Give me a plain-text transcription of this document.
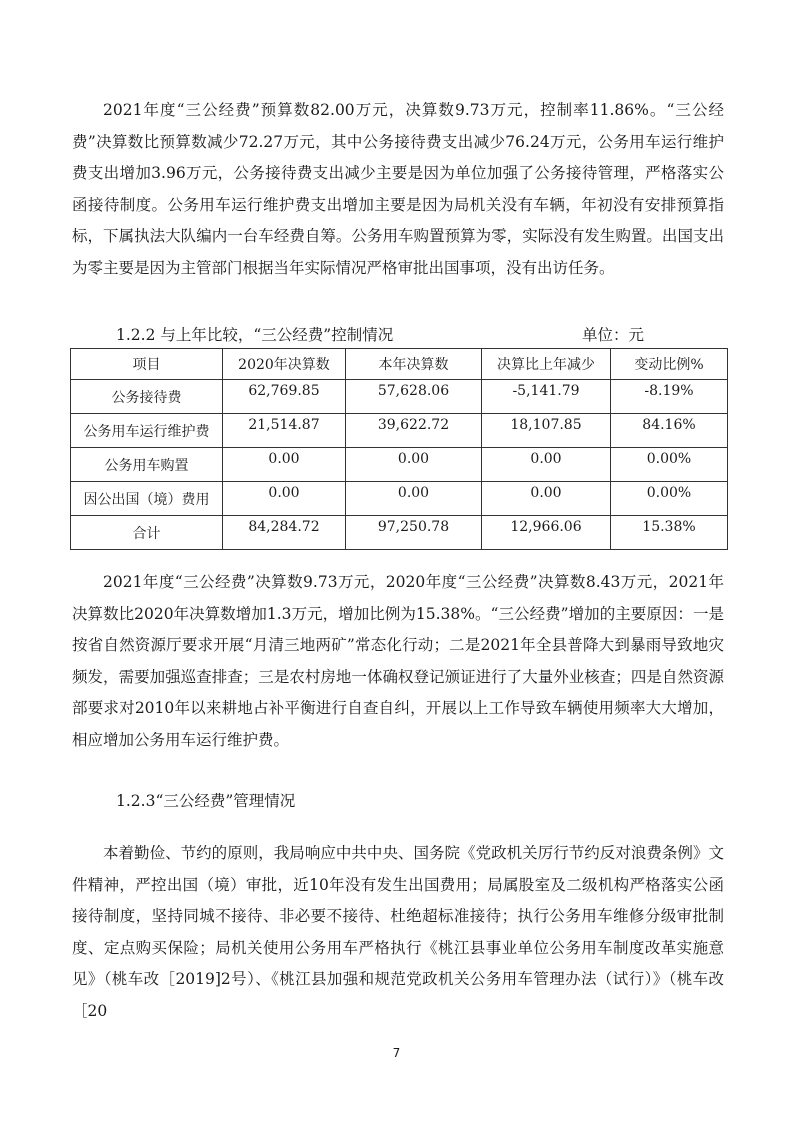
2021年度“三公经费”预算数82.00万元，决算数9.73万元，控制率11.86%。“三公经费”决算数比预算数减少72.27万元，其中公务接待费支出减少76.24万元，公务用车运行维护费支出增加3.96万元，公务接待费支出减少主要是因为单位加强了公务接待管理，严格落实公函接待制度。公务用车运行维护费支出增加主要是因为局机关没有车辆，年初没有安排预算指标，下属执法大队编内一台车经费自筹。公务用车购置预算为零，实际没有发生购置。出国支出为零主要是因为主管部门根据当年实际情况严格审批出国事项，没有出访任务。

1.2.2 与上年比较，“三公经费”控制情况	单位：元
项目	2020年决算数	本年决算数	决算比上年减少	变动比例%
公务接待费	62,769.85	57,628.06	-5,141.79	-8.19%
公务用车运行维护费	21,514.87	39,622.72	18,107.85	84.16%
公务用车购置	0.00	0.00	0.00	0.00%
因公出国（境）费用	0.00	0.00	0.00	0.00%
合计	84,284.72	97,250.78	12,966.06	15.38%

2021年度“三公经费”决算数9.73万元，2020年度“三公经费”决算数8.43万元，2021年决算数比2020年决算数增加1.3万元，增加比例为15.38%。“三公经费”增加的主要原因：一是按省自然资源厅要求开展“月清三地两矿”常态化行动；二是2021年全县普降大到暴雨导致地灾频发，需要加强巡查排查；三是农村房地一体确权登记颁证进行了大量外业核查；四是自然资源部要求对2010年以来耕地占补平衡进行自查自纠，开展以上工作导致车辆使用频率大大增加，相应增加公务用车运行维护费。

1.2.3“三公经费”管理情况

本着勤俭、节约的原则，我局响应中共中央、国务院《党政机关厉行节约反对浪费条例》文件精神，严控出国（境）审批，近10年没有发生出国费用；局属股室及二级机构严格落实公函接待制度，坚持同城不接待、非必要不接待、杜绝超标准接待；执行公务用车维修分级审批制度、定点购买保险；局机关使用公务用车严格执行《桃江县事业单位公务用车制度改革实施意见》（桃车改［2019]2号）、《桃江县加强和规范党政机关公务用车管理办法（试行）》（桃车改［20

7
